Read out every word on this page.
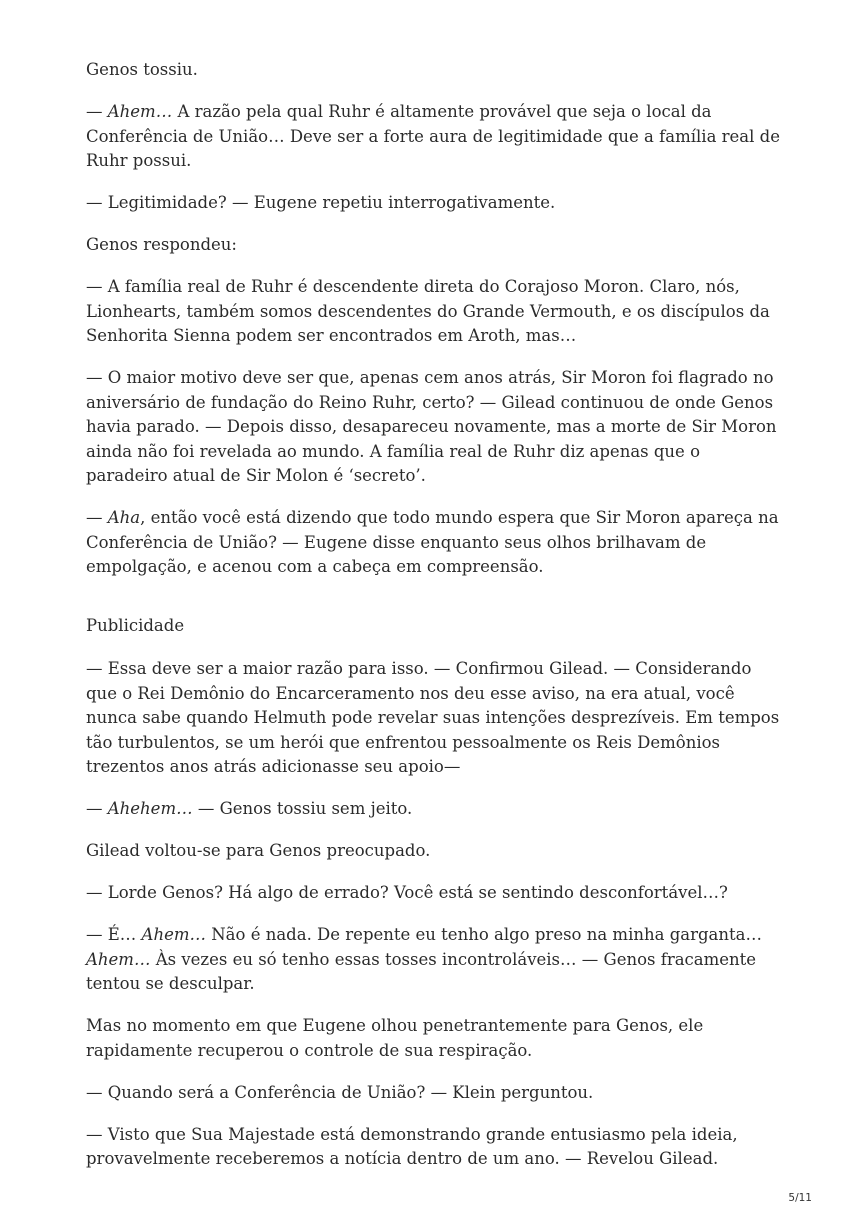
Genos tossiu.

— Ahem… A razão pela qual Ruhr é altamente provável que seja o local da Conferência de União… Deve ser a forte aura de legitimidade que a família real de Ruhr possui.

— Legitimidade? — Eugene repetiu interrogativamente.

Genos respondeu:

— A família real de Ruhr é descendente direta do Corajoso Moron. Claro, nós, Lionhearts, também somos descendentes do Grande Vermouth, e os discípulos da Senhorita Sienna podem ser encontrados em Aroth, mas…

— O maior motivo deve ser que, apenas cem anos atrás, Sir Moron foi flagrado no aniversário de fundação do Reino Ruhr, certo? — Gilead continuou de onde Genos havia parado. — Depois disso, desapareceu novamente, mas a morte de Sir Moron ainda não foi revelada ao mundo. A família real de Ruhr diz apenas que o paradeiro atual de Sir Molon é ‘secreto’.

— Aha, então você está dizendo que todo mundo espera que Sir Moron apareça na Conferência de União? — Eugene disse enquanto seus olhos brilhavam de empolgação, e acenou com a cabeça em compreensão.

Publicidade

— Essa deve ser a maior razão para isso. — Confirmou Gilead. — Considerando que o Rei Demônio do Encarceramento nos deu esse aviso, na era atual, você nunca sabe quando Helmuth pode revelar suas intenções desprezíveis. Em tempos tão turbulentos, se um herói que enfrentou pessoalmente os Reis Demônios trezentos anos atrás adicionasse seu apoio—

— Ahehem… — Genos tossiu sem jeito.

Gilead voltou-se para Genos preocupado.

— Lorde Genos? Há algo de errado? Você está se sentindo desconfortável…?

— É… Ahem… Não é nada. De repente eu tenho algo preso na minha garganta… Ahem… Às vezes eu só tenho essas tosses incontroláveis… — Genos fracamente tentou se desculpar.

Mas no momento em que Eugene olhou penetrantemente para Genos, ele rapidamente recuperou o controle de sua respiração.

— Quando será a Conferência de União? — Klein perguntou.

— Visto que Sua Majestade está demonstrando grande entusiasmo pela ideia, provavelmente receberemos a notícia dentro de um ano. — Revelou Gilead.

5/11
